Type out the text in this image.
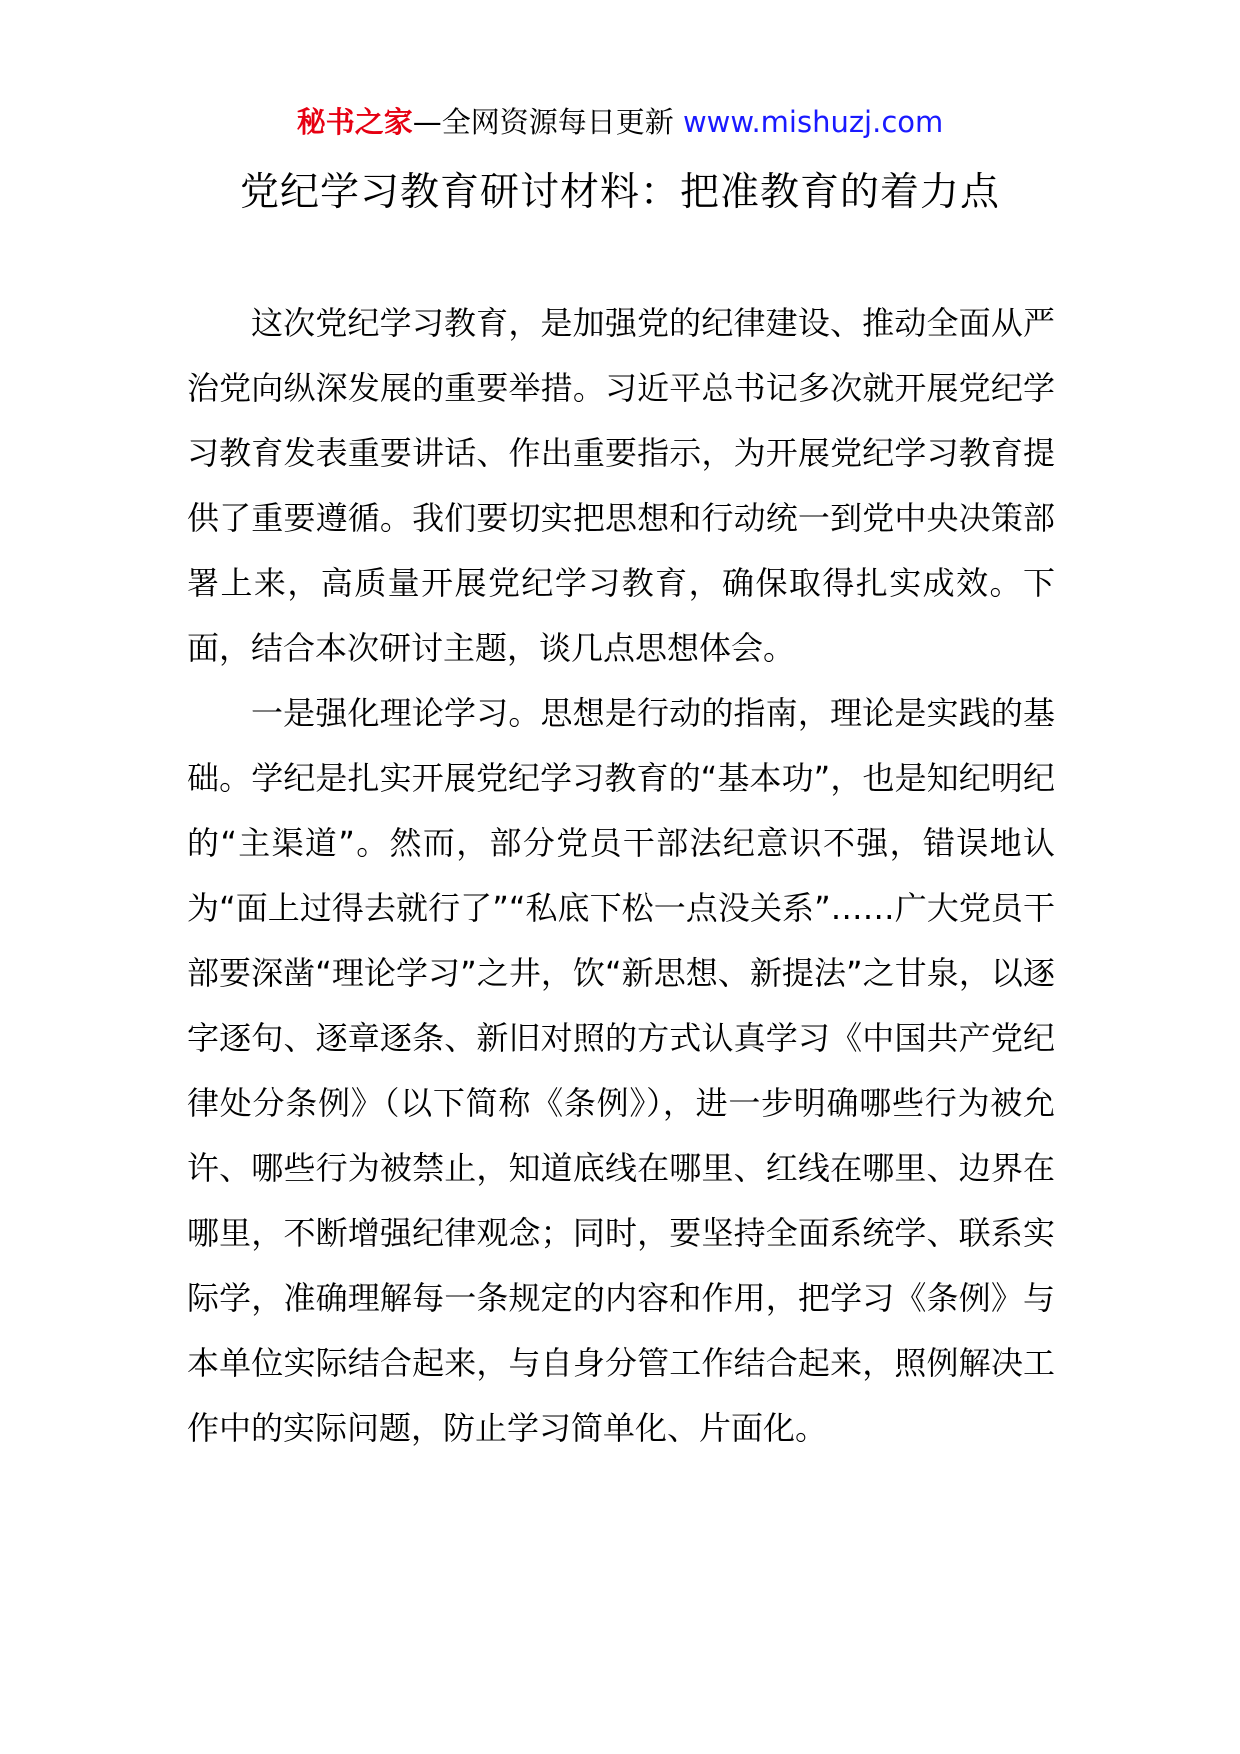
秘书之家—全网资源每日更新 www.mishuzj.com
党纪学习教育研讨材料：把准教育的着力点

这次党纪学习教育，是加强党的纪律建设、推动全面从严治党向纵深发展的重要举措。习近平总书记多次就开展党纪学习教育发表重要讲话、作出重要指示，为开展党纪学习教育提供了重要遵循。我们要切实把思想和行动统一到党中央决策部署上来，高质量开展党纪学习教育，确保取得扎实成效。下面，结合本次研讨主题，谈几点思想体会。

一是强化理论学习。思想是行动的指南，理论是实践的基础。学纪是扎实开展党纪学习教育的“基本功”，也是知纪明纪的“主渠道”。然而，部分党员干部法纪意识不强，错误地认为“面上过得去就行了”“私底下松一点没关系”……广大党员干部要深凿“理论学习”之井，饮“新思想、新提法”之甘泉，以逐字逐句、逐章逐条、新旧对照的方式认真学习《中国共产党纪律处分条例》（以下简称《条例》），进一步明确哪些行为被允许、哪些行为被禁止，知道底线在哪里、红线在哪里、边界在哪里，不断增强纪律观念；同时，要坚持全面系统学、联系实际学，准确理解每一条规定的内容和作用，把学习《条例》与本单位实际结合起来，与自身分管工作结合起来，照例解决工作中的实际问题，防止学习简单化、片面化。
